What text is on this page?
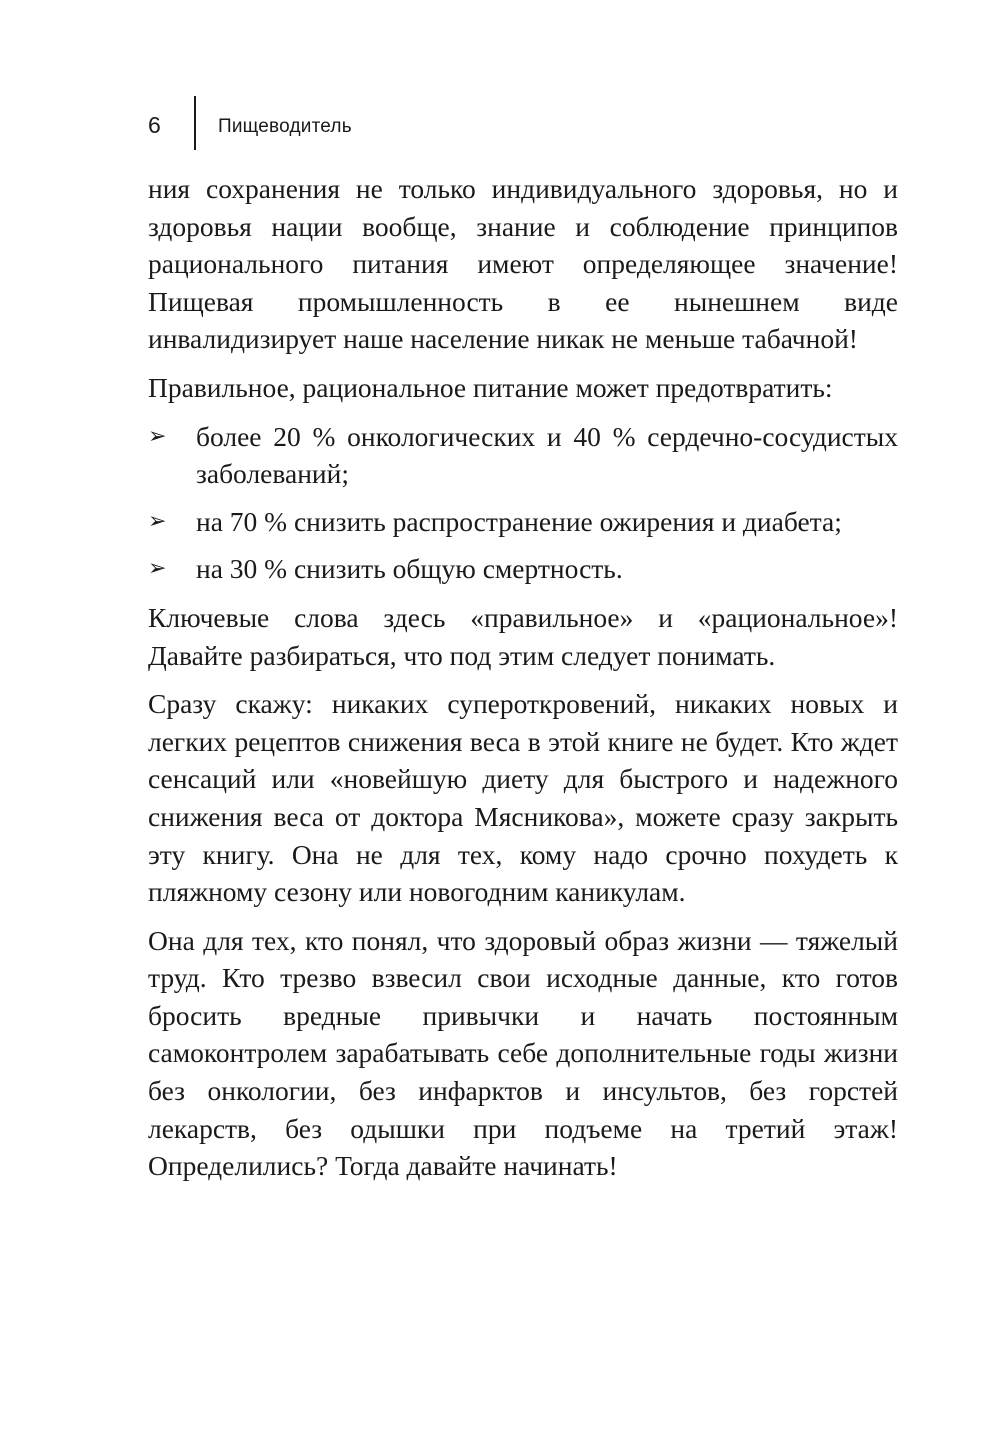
6	Пищеводитель

ния сохранения не только индивидуального здоровья, но и здоровья нации вообще, знание и соблюдение принципов рационального питания имеют определяющее значение! Пищевая промышленность в ее нынешнем виде инвалидизирует наше население никак не меньше табачной!

Правильное, рациональное питание может предотвратить:

➢	более 20 % онкологических и 40 % сердечно-сосудистых заболеваний;
➢	на 70 % снизить распространение ожирения и диабета;
➢	на 30 % снизить общую смертность.

Ключевые слова здесь «правильное» и «рациональное»! Давайте разбираться, что под этим следует понимать.

Сразу скажу: никаких супероткровений, никаких новых и легких рецептов снижения веса в этой книге не будет. Кто ждет сенсаций или «новейшую диету для быстрого и надежного снижения веса от доктора Мясникова», можете сразу закрыть эту книгу. Она не для тех, кому надо срочно похудеть к пляжному сезону или новогодним каникулам.

Она для тех, кто понял, что здоровый образ жизни — тяжелый труд. Кто трезво взвесил свои исходные данные, кто готов бросить вредные привычки и начать постоянным самоконтролем зарабатывать себе дополнительные годы жизни без онкологии, без инфарктов и инсультов, без горстей лекарств, без одышки при подъеме на третий этаж! Определились? Тогда давайте начинать!
